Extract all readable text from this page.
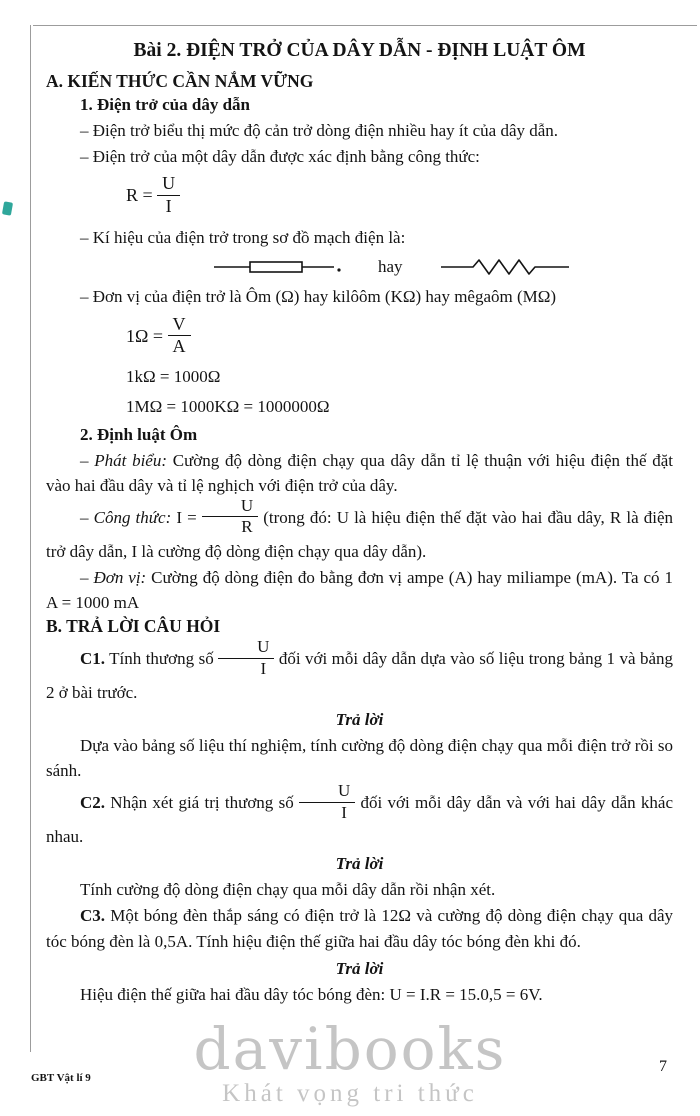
Bài 2. ĐIỆN TRỞ CỦA DÂY DẪN - ĐỊNH LUẬT ÔM
A. KIẾN THỨC CẦN NẮM VỮNG
1. Điện trở của dây dẫn

– Điện trở biểu thị mức độ cản trở dòng điện nhiều hay ít của dây dẫn.

– Điện trở của một dây dẫn được xác định bằng công thức:

$R = \frac{U}{I}$

– Kí hiệu của điện trở trong sơ đồ mạch điện là:

hay

– Đơn vị của điện trở là Ôm (Ω) hay kilôôm (KΩ) hay mêgaôm (MΩ)

$1\Omega = \frac{V}{A}$
1kΩ = 1000Ω
1MΩ = 1000KΩ = 1000000Ω
2. Định luật Ôm

– Phát biểu: Cường độ dòng điện chạy qua dây dẫn tỉ lệ thuận với hiệu điện thế đặt vào hai đầu dây và tỉ lệ nghịch với điện trở của dây.

– Công thức: $I = \frac{U}{R}$ (trong đó: U là hiệu điện thế đặt vào hai đầu dây, R là điện trở dây dẫn, I là cường độ dòng điện chạy qua dây dẫn).

– Đơn vị: Cường độ dòng điện đo bằng đơn vị ampe (A) hay miliampe (mA). Ta có 1 A = 1000 mA

B. TRẢ LỜI CÂU HỎI

C1. Tính thương số $\frac{U}{I}$ đối với mỗi dây dẫn dựa vào số liệu trong bảng 1 và bảng 2 ở bài trước.

Trả lời

Dựa vào bảng số liệu thí nghiệm, tính cường độ dòng điện chạy qua mỗi điện trở rồi so sánh.

C2. Nhận xét giá trị thương số $\frac{U}{I}$ đối với mỗi dây dẫn và với hai dây dẫn khác nhau.

Trả lời

Tính cường độ dòng điện chạy qua mỗi dây dẫn rồi nhận xét.

C3. Một bóng đèn thắp sáng có điện trở là 12Ω và cường độ dòng điện chạy qua dây tóc bóng đèn là 0,5A. Tính hiệu điện thế giữa hai đầu dây tóc bóng đèn khi đó.

Trả lời

Hiệu điện thế giữa hai đầu dây tóc bóng đèn: U = I.R = 15.0,5 = 6V.

davibooks
Khát vọng tri thức
GBT Vật lí 9
7
